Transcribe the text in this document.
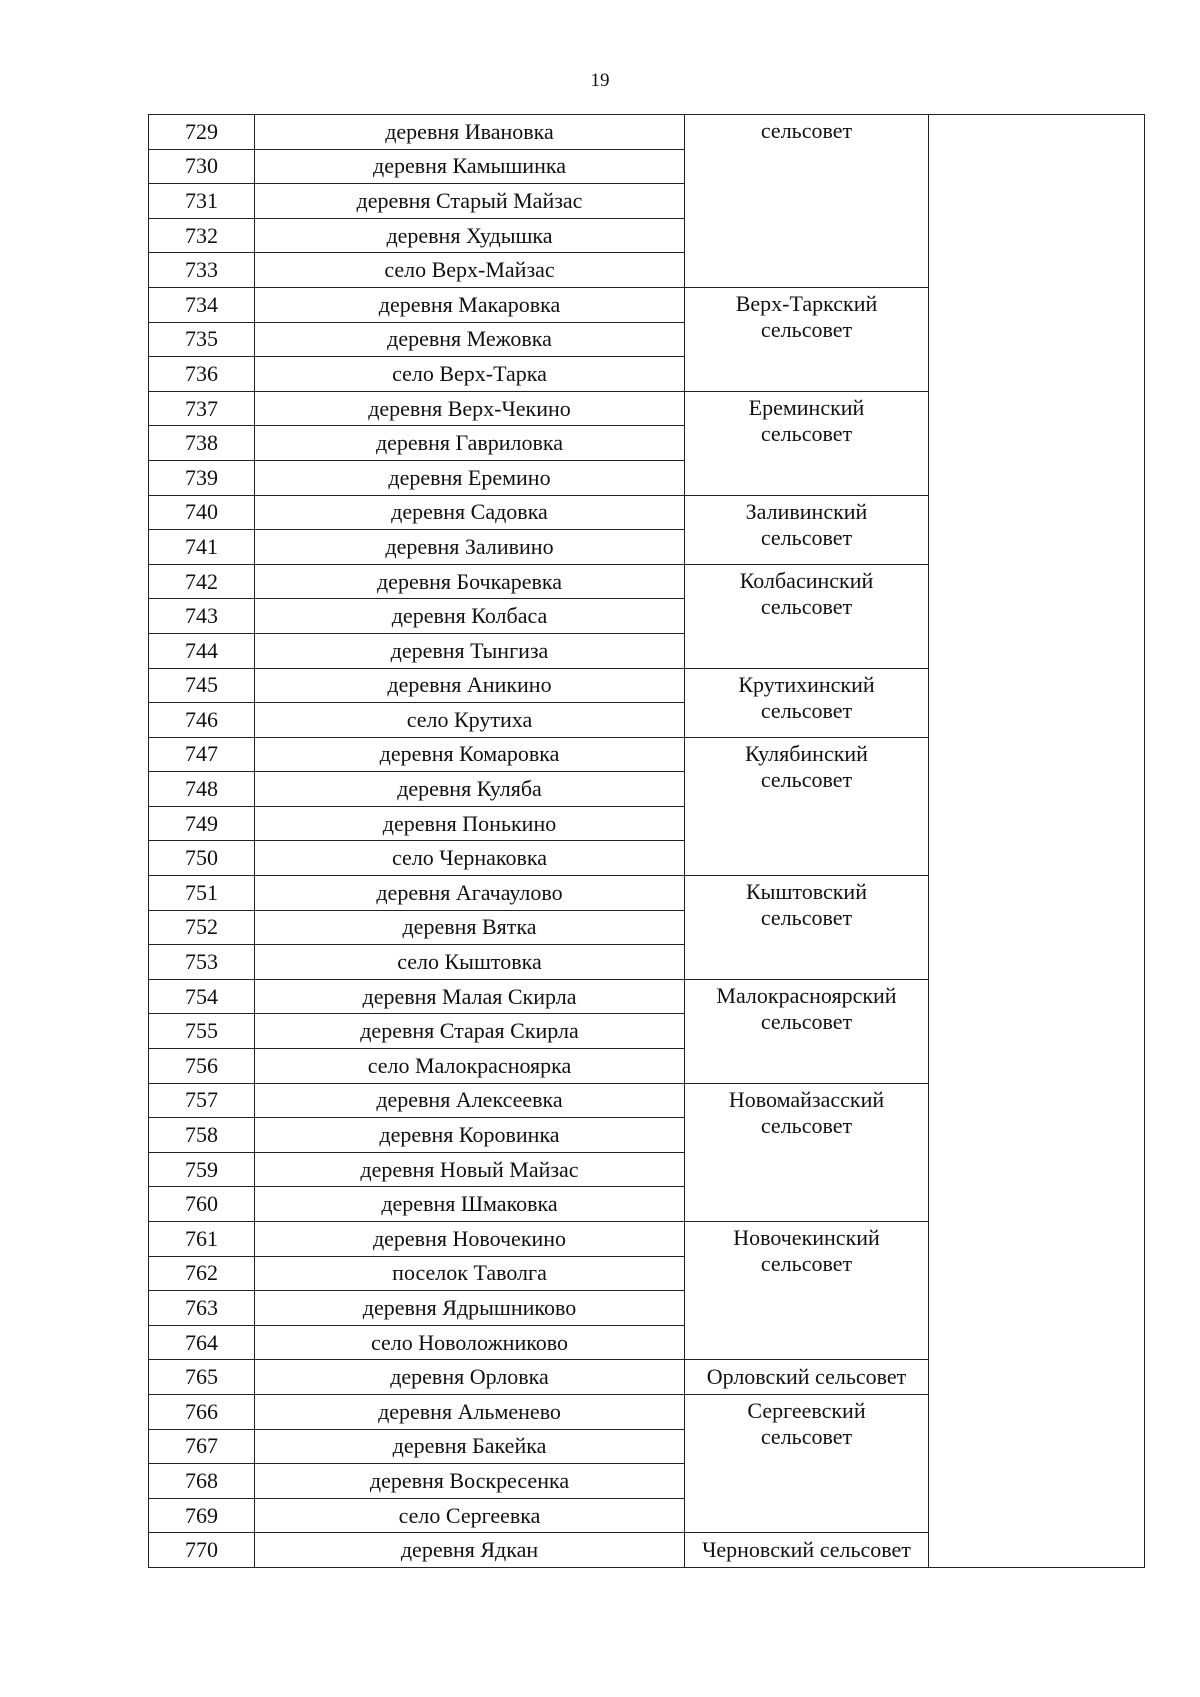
19
729	деревня Ивановка	сельсовет	

730	деревня Камышинка		
731	деревня Старый Майзас		
732	деревня Худышка		
733	село Верх-Майзас		
734	деревня Макаровка	Верх-Таркский
сельсовет	

735	деревня Межовка		
736	село Верх-Тарка		
737	деревня Верх-Чекино	Ереминский
сельсовет	

738	деревня Гавриловка		
739	деревня Еремино		
740	деревня Садовка	Заливинский
сельсовет	

741	деревня Заливино		
742	деревня Бочкаревка	Колбасинский
сельсовет	

743	деревня Колбаса		
744	деревня Тынгиза		
745	деревня Аникино	Крутихинский
сельсовет	

746	село Крутиха		
747	деревня Комаровка	Кулябинский
сельсовет	

748	деревня Куляба		
749	деревня Понькино		
750	село Чернаковка		
751	деревня Агачаулово	Кыштовский
сельсовет	

752	деревня Вятка		
753	село Кыштовка		
754	деревня Малая Скирла	Малокрасноярский
сельсовет	

755	деревня Старая Скирла		
756	село Малокрасноярка		
757	деревня Алексеевка	Новомайзасский
сельсовет	

758	деревня Коровинка		
759	деревня Новый Майзас		
760	деревня Шмаковка		
761	деревня Новочекино	Новочекинский
сельсовет	

762	поселок Таволга		
763	деревня Ядрышниково		
764	село Новоложниково		
765	деревня Орловка	Орловский сельсовет	

766	деревня Альменево	Сергеевский
сельсовет	

767	деревня Бакейка		
768	деревня Воскресенка		
769	село Сергеевка		
770	деревня Ядкан	Черновский сельсовет	
